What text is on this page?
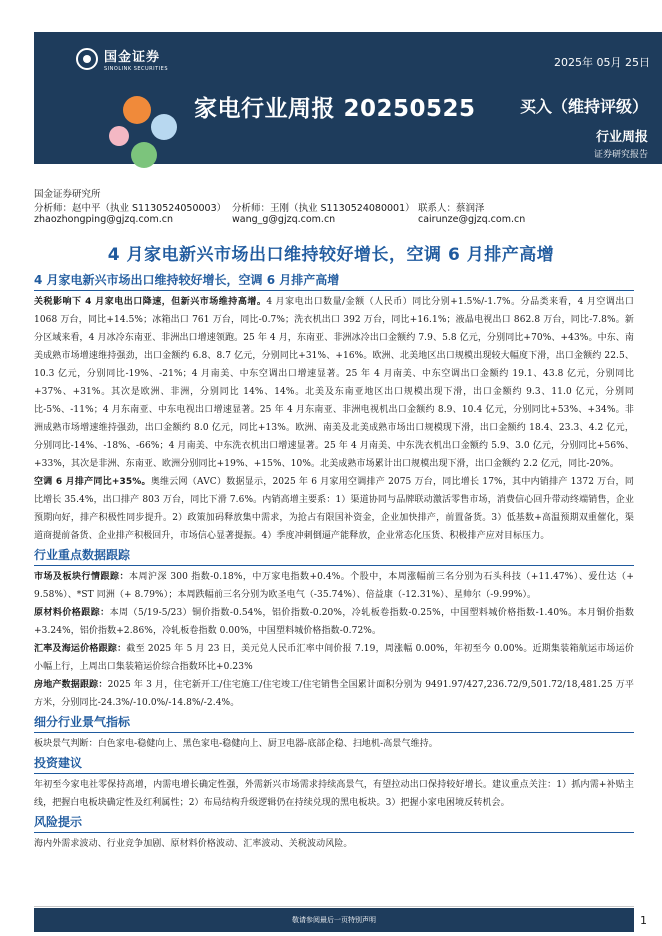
国金证券
SINOLINK SECURITIES	2025年 05月 25日
家电行业周报 20250525	买入（维持评级）
行业周报
证券研究报告
国金证券研究所
分析师：赵中平（执业 S1130524050003） 分析师：王刚（执业 S1130524080001） 联系人：蔡润泽
zhaozhongping@gjzq.com.cn	wang_g@gjzq.com.cn	cairunze@gjzq.com.cn
4 月家电新兴市场出口维持较好增长，空调 6 月排产高增
4 月家电新兴市场出口维持较好增长，空调 6 月排产高增
关税影响下 4 月家电出口降速，但新兴市场维持高增。4 月家电出口数量/金额（人民币）同比分别+1.5%/-1.7%。分品类来看，4 月空调出口 1068 万台，同比+14.5%；冰箱出口 761 万台，同比-0.7%；洗衣机出口 392 万台，同比+16.1%；液晶电视出口 862.8 万台，同比-7.8%。新分区域来看，4 月冰冷东南亚、非洲出口增速领跑。25 年 4 月，东南亚、非洲冰冷出口金额约 7.9、5.8 亿元，分别同比+70%、+43%。中东、南美成熟市场增速维持强劲，出口金额约 6.8、8.7 亿元，分别同比+31%、+16%。欧洲、北美地区出口规模出现较大幅度下滑，出口金额约 22.5、10.3 亿元，分别同比-19%、-21%；4 月南美、中东空调出口增速显著。25 年 4 月南美、中东空调出口金额约 19.1、43.8 亿元，分别同比+37%、+31%。其次是欧洲、非洲，分别同比 14%、14%。北美及东南亚地区出口规模出现下滑，出口金额约 9.3、11.0 亿元，分别同比-5%、-11%；4 月东南亚、中东电视出口增速显著。25 年 4 月东南亚、非洲电视机出口金额约 8.9、10.4 亿元，分别同比+53%、+34%。非洲成熟市场增速维持强劲，出口金额约 8.0 亿元，同比+13%。欧洲、南美及北美成熟市场出口规模现下滑，出口金额约 18.4、23.3、4.2 亿元，分别同比-14%、-18%、-66%；4 月南美、中东洗衣机出口增速显著。25 年 4 月南美、中东洗衣机出口金额约 5.9、3.0 亿元，分别同比+56%、+33%，其次是非洲、东南亚、欧洲分别同比+19%、+15%、10%。北美成熟市场累计出口规模出现下滑，出口金额约 2.2 亿元，同比-20%。
空调 6 月排产同比+35%。奥维云网（AVC）数据显示，2025 年 6 月家用空调排产 2075 万台，同比增长 17%，其中内销排产 1372 万台，同比增长 35.4%，出口排产 803 万台，同比下滑 7.6%。内销高增主要系：1）渠道协同与品牌联动激活零售市场，消费信心回升带动终端销售，企业预期向好，排产积极性同步提升。2）政策加码释放集中需求，为抢占有限国补资金，企业加快排产，前置备货。3）低基数+高温预期双重催化，渠道商提前备货、企业排产积极回升，市场信心显著提振。4）季度冲刺倒逼产能释放，企业常态化压货、积极排产应对目标压力。
行业重点数据跟踪
市场及板块行情跟踪：本周沪深 300 指数-0.18%，中万家电指数+0.4%。个股中，本周涨幅前三名分别为石头科技（+11.47%）、爱仕达（+ 9.58%）、*ST 同洲（+ 8.79%）；本周跌幅前三名分别为欧圣电气（-35.74%）、倍益康（-12.31%）、星帅尔（-9.99%）。
原材料价格跟踪：本周（5/19-5/23）铜价指数-0.54%，铝价指数-0.20%，冷轧板卷指数-0.25%，中国塑料城价格指数-1.40%。本月铜价指数+3.24%，铝价指数+2.86%，冷轧板卷指数 0.00%，中国塑料城价格指数-0.72%。
汇率及海运价格跟踪：截至 2025 年 5 月 23 日，美元兑人民币汇率中间价报 7.19，周涨幅 0.00%，年初至今 0.00%。近期集装箱航运市场运价小幅上行，上周出口集装箱运价综合指数环比+0.23%
房地产数据跟踪：2025 年 3 月，住宅新开工/住宅施工/住宅竣工/住宅销售全国累计面积分别为 9491.97/427,236.72/9,501.72/18,481.25 万平方米，分别同比-24.3%/-10.0%/-14.8%/-2.4%。
细分行业景气指标
板块景气判断：白色家电-稳健向上、黑色家电-稳健向上、厨卫电器-底部企稳、扫地机-高景气维持。
投资建议
年初至今家电社零保持高增，内需电增长确定性强，外需新兴市场需求持续高景气，有望拉动出口保持较好增长。建议重点关注：1）抓内需+补贴主线，把握白电板块确定性及红利属性；2）布局结构升级逻辑仍在持续兑现的黑电板块。3）把握小家电困境反转机会。
风险提示
海内外需求波动、行业竞争加剧、原材料价格波动、汇率波动、关税波动风险。
敬请参阅最后一页特别声明	1
